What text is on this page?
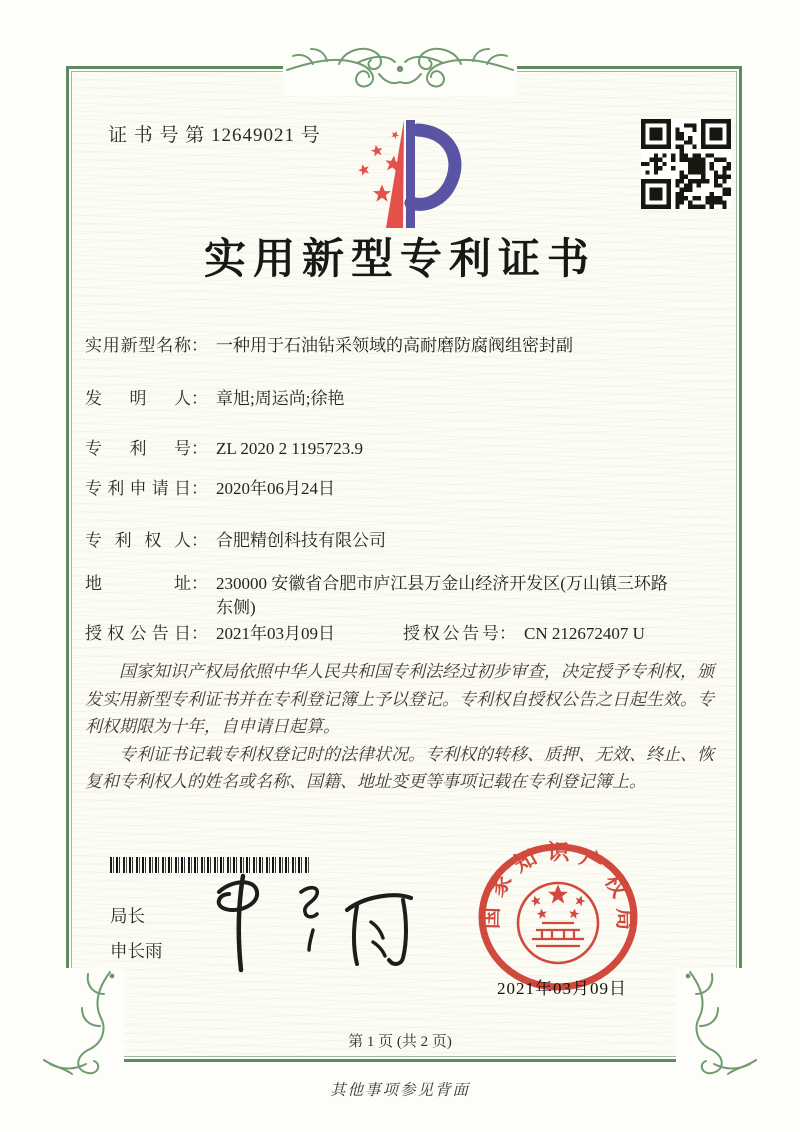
证 书 号 第 12649021 号
实用新型专利证书
实用新型名称 ： 一种用于石油钻采领域的高耐磨防腐阀组密封副
发明人 ： 章旭;周运尚;徐艳
专利号 ： ZL 2020 2 1195723.9
专利申请日 ： 2020年06月24日
专利权人 ： 合肥精创科技有限公司
地址 ： 230000 安徽省合肥市庐江县万金山经济开发区(万山镇三环路东侧)
授权公告日 ： 2021年03月09日	授权公告号 ： CN 212672407 U

国家知识产权局依照中华人民共和国专利法经过初步审查，决定授予专利权，颁发实用新型专利证书并在专利登记簿上予以登记。专利权自授权公告之日起生效。专利权期限为十年，自申请日起算。

专利证书记载专利权登记时的法律状况。专利权的转移、质押、无效、终止、恢复和专利权人的姓名或名称、国籍、地址变更等事项记载在专利登记簿上。

局长
申长雨
国家知识产权局
2021年03月09日
第 1 页 (共 2 页)
其他事项参见背面
